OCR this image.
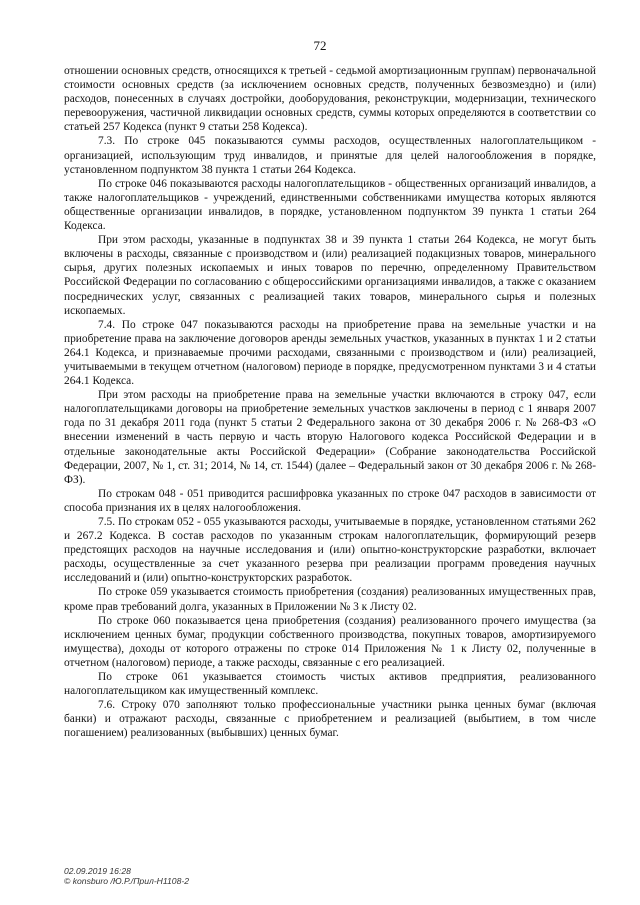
72

отношении основных средств, относящихся к третьей - седьмой амортизационным группам) первоначальной стоимости основных средств (за исключением основных средств, полученных безвозмездно) и (или) расходов, понесенных в случаях достройки, дооборудования, реконструкции, модернизации, технического перевооружения, частичной ликвидации основных средств, суммы которых определяются в соответствии со статьей 257 Кодекса (пункт 9 статьи 258 Кодекса).

7.3. По строке 045 показываются суммы расходов, осуществленных налогоплательщиком - организацией, использующим труд инвалидов, и принятые для целей налогообложения в порядке, установленном подпунктом 38 пункта 1 статьи 264 Кодекса.

По строке 046 показываются расходы налогоплательщиков - общественных организаций инвалидов, а также налогоплательщиков - учреждений, единственными собственниками имущества которых являются общественные организации инвалидов, в порядке, установленном подпунктом 39 пункта 1 статьи 264 Кодекса.

При этом расходы, указанные в подпунктах 38 и 39 пункта 1 статьи 264 Кодекса, не могут быть включены в расходы, связанные с производством и (или) реализацией подакцизных товаров, минерального сырья, других полезных ископаемых и иных товаров по перечню, определенному Правительством Российской Федерации по согласованию с общероссийскими организациями инвалидов, а также с оказанием посреднических услуг, связанных с реализацией таких товаров, минерального сырья и полезных ископаемых.

7.4. По строке 047 показываются расходы на приобретение права на земельные участки и на приобретение права на заключение договоров аренды земельных участков, указанных в пунктах 1 и 2 статьи 264.1 Кодекса, и признаваемые прочими расходами, связанными с производством и (или) реализацией, учитываемыми в текущем отчетном (налоговом) периоде в порядке, предусмотренном пунктами 3 и 4 статьи 264.1 Кодекса.

При этом расходы на приобретение права на земельные участки включаются в строку 047, если налогоплательщиками договоры на приобретение земельных участков заключены в период с 1 января 2007 года по 31 декабря 2011 года (пункт 5 статьи 2 Федерального закона от 30 декабря 2006 г. № 268-ФЗ «О внесении изменений в часть первую и часть вторую Налогового кодекса Российской Федерации и в отдельные законодательные акты Российской Федерации» (Собрание законодательства Российской Федерации, 2007, № 1, ст. 31; 2014, № 14, ст. 1544) (далее – Федеральный закон от 30 декабря 2006 г. № 268-ФЗ).

По строкам 048 - 051 приводится расшифровка указанных по строке 047 расходов в зависимости от способа признания их в целях налогообложения.

7.5. По строкам 052 - 055 указываются расходы, учитываемые в порядке, установленном статьями 262 и 267.2 Кодекса. В состав расходов по указанным строкам налогоплательщик, формирующий резерв предстоящих расходов на научные исследования и (или) опытно-конструкторские разработки, включает расходы, осуществленные за счет указанного резерва при реализации программ проведения научных исследований и (или) опытно-конструкторских разработок.

По строке 059 указывается стоимость приобретения (создания) реализованных имущественных прав, кроме прав требований долга, указанных в Приложении № 3 к Листу 02.

По строке 060 показывается цена приобретения (создания) реализованного прочего имущества (за исключением ценных бумаг, продукции собственного производства, покупных товаров, амортизируемого имущества), доходы от которого отражены по строке 014 Приложения № 1 к Листу 02, полученные в отчетном (налоговом) периоде, а также расходы, связанные с его реализацией.

По строке 061 указывается стоимость чистых активов предприятия, реализованного налогоплательщиком как имущественный комплекс.

7.6. Строку 070 заполняют только профессиональные участники рынка ценных бумаг (включая банки) и отражают расходы, связанные с приобретением и реализацией (выбытием, в том числе погашением) реализованных (выбывших) ценных бумаг.

02.09.2019 16:28
© konsburo /Ю.Р./Прил-Н1108-2
